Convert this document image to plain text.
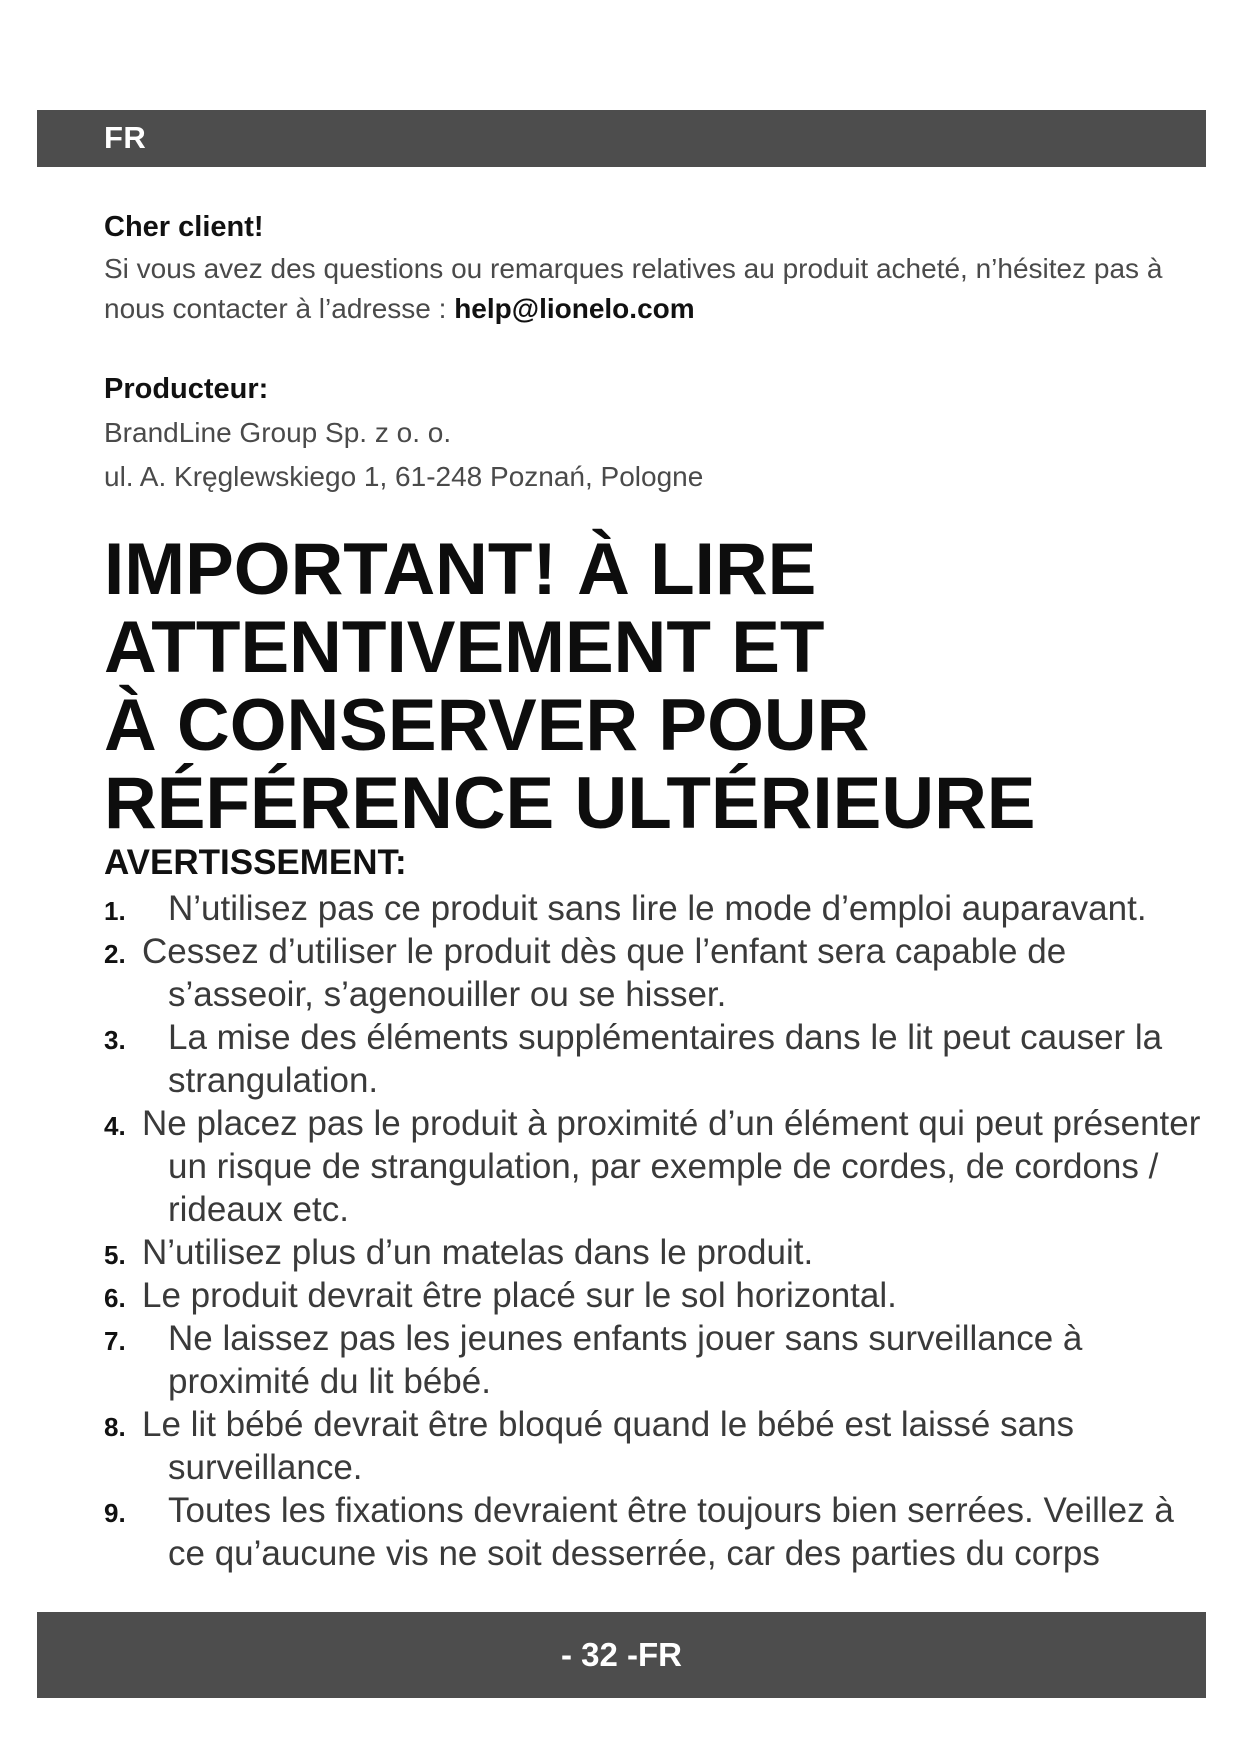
FR

Cher client!

Si vous avez des questions ou remarques relatives au produit acheté, n’hésitez pas à nous contacter à l’adresse : help@lionelo.com

Producteur:

BrandLine Group Sp. z o. o.

ul. A. Kręglewskiego 1, 61-248 Poznań, Pologne

IMPORTANT! À LIRE
ATTENTIVEMENT ET
À CONSERVER POUR
RÉFÉRENCE ULTÉRIEURE

AVERTISSEMENT:

1. N’utilisez pas ce produit sans lire le mode d’emploi auparavant.
2. Cessez d’utiliser le produit dès que l’enfant sera capable de s’asseoir, s’agenouiller ou se hisser.
3. La mise des éléments supplémentaires dans le lit peut causer la strangulation.
4. Ne placez pas le produit à proximité d’un élément qui peut présenter un risque de strangulation, par exemple de cordes, de cordons / rideaux etc.
5. N’utilisez plus d’un matelas dans le produit.
6. Le produit devrait être placé sur le sol horizontal.
7. Ne laissez pas les jeunes enfants jouer sans surveillance à proximité du lit bébé.
8. Le lit bébé devrait être bloqué quand le bébé est laissé sans surveillance.
9. Toutes les fixations devraient être toujours bien serrées. Veillez à ce qu’aucune vis ne soit desserrée, car des parties du corps
- 32 -FR
